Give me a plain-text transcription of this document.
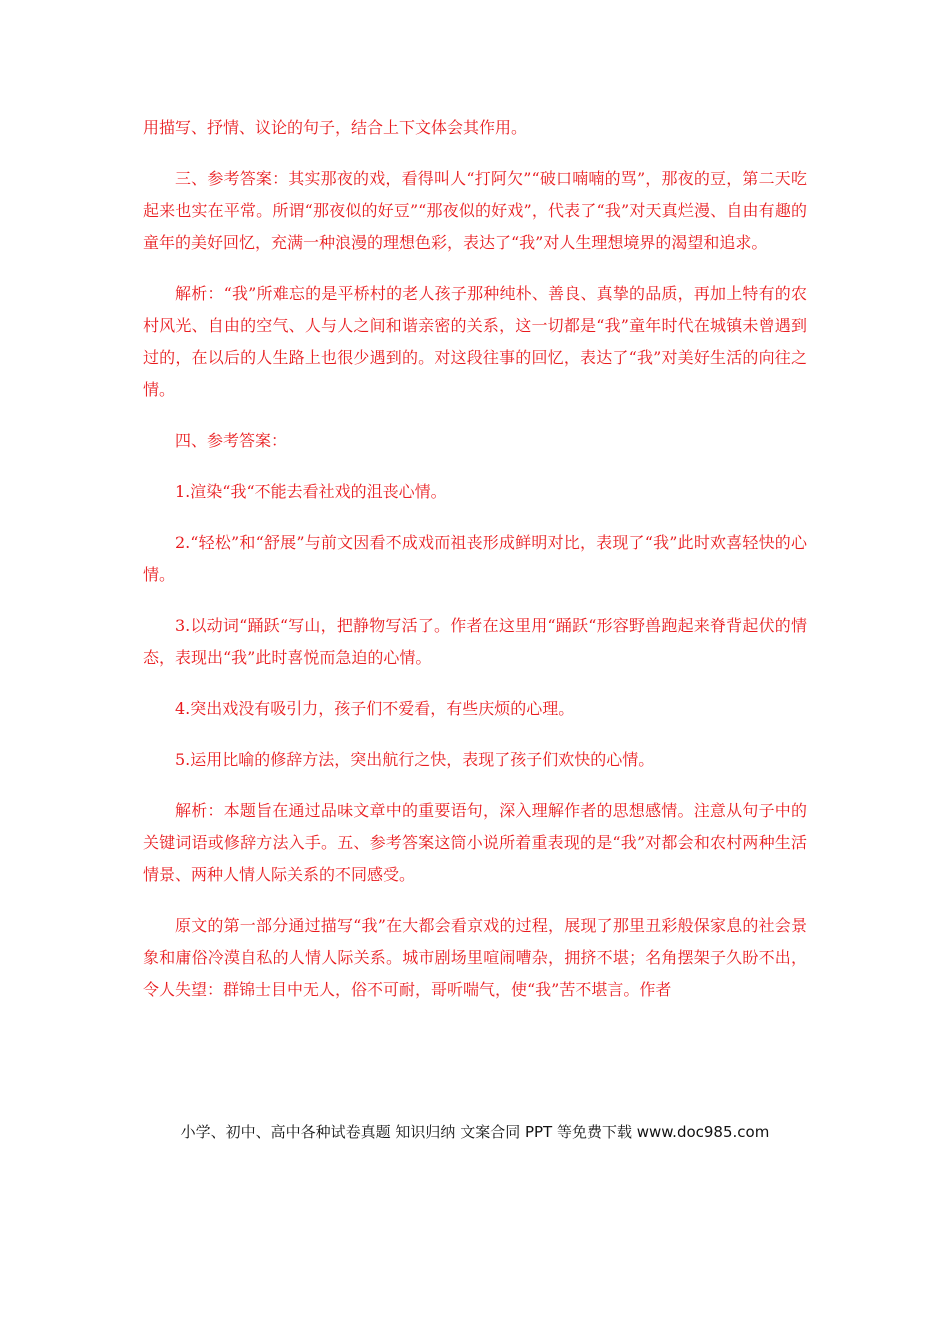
用描写、抒情、议论的句子，结合上下文体会其作用。

三、参考答案：其实那夜的戏，看得叫人“打阿欠”“破口喃喃的骂”，那夜的豆，第二天吃起来也实在平常。所谓“那夜似的好豆”“那夜似的好戏”，代表了“我”对天真烂漫、自由有趣的童年的美好回忆，充满一种浪漫的理想色彩，表达了“我”对人生理想境界的渴望和追求。

解析：“我”所难忘的是平桥村的老人孩子那种纯朴、善良、真挚的品质，再加上特有的农村风光、自由的空气、人与人之间和谐亲密的关系，这一切都是“我”童年时代在城镇未曾遇到过的，在以后的人生路上也很少遇到的。对这段往事的回忆，表达了“我”对美好生活的向往之情。

四、参考答案：

1.渲染“我“不能去看社戏的沮丧心情。

2.“轻松”和“舒展”与前文因看不成戏而祖丧形成鲜明对比，表现了“我”此时欢喜轻快的心情。

3.以动词“踊跃“写山，把静物写活了。作者在这里用“踊跃“形容野兽跑起来脊背起伏的情态，表现出“我”此时喜悦而急迫的心情。

4.突出戏没有吸引力，孩子们不爱看，有些庆烦的心理。

5.运用比喻的修辞方法，突出航行之快，表现了孩子们欢快的心情。

解析：本题旨在通过品味文章中的重要语句，深入理解作者的思想感情。注意从句子中的关键词语或修辞方法入手。五、参考答案这筒小说所着重表现的是“我”对都会和农村两种生活情景、两种人情人际关系的不同感受。

原文的第一部分通过描写“我”在大都会看京戏的过程，展现了那里丑彩般保家息的社会景象和庸俗冷漠自私的人情人际关系。城市剧场里喧闹嘈杂，拥挤不堪；名角摆架子久盼不出，令人失望：群锦士目中无人，俗不可耐，哥听喘气，使“我”苦不堪言。作者

小学、初中、高中各种试卷真题 知识归纳 文案合同 PPT 等免费下载 www.doc985.com
